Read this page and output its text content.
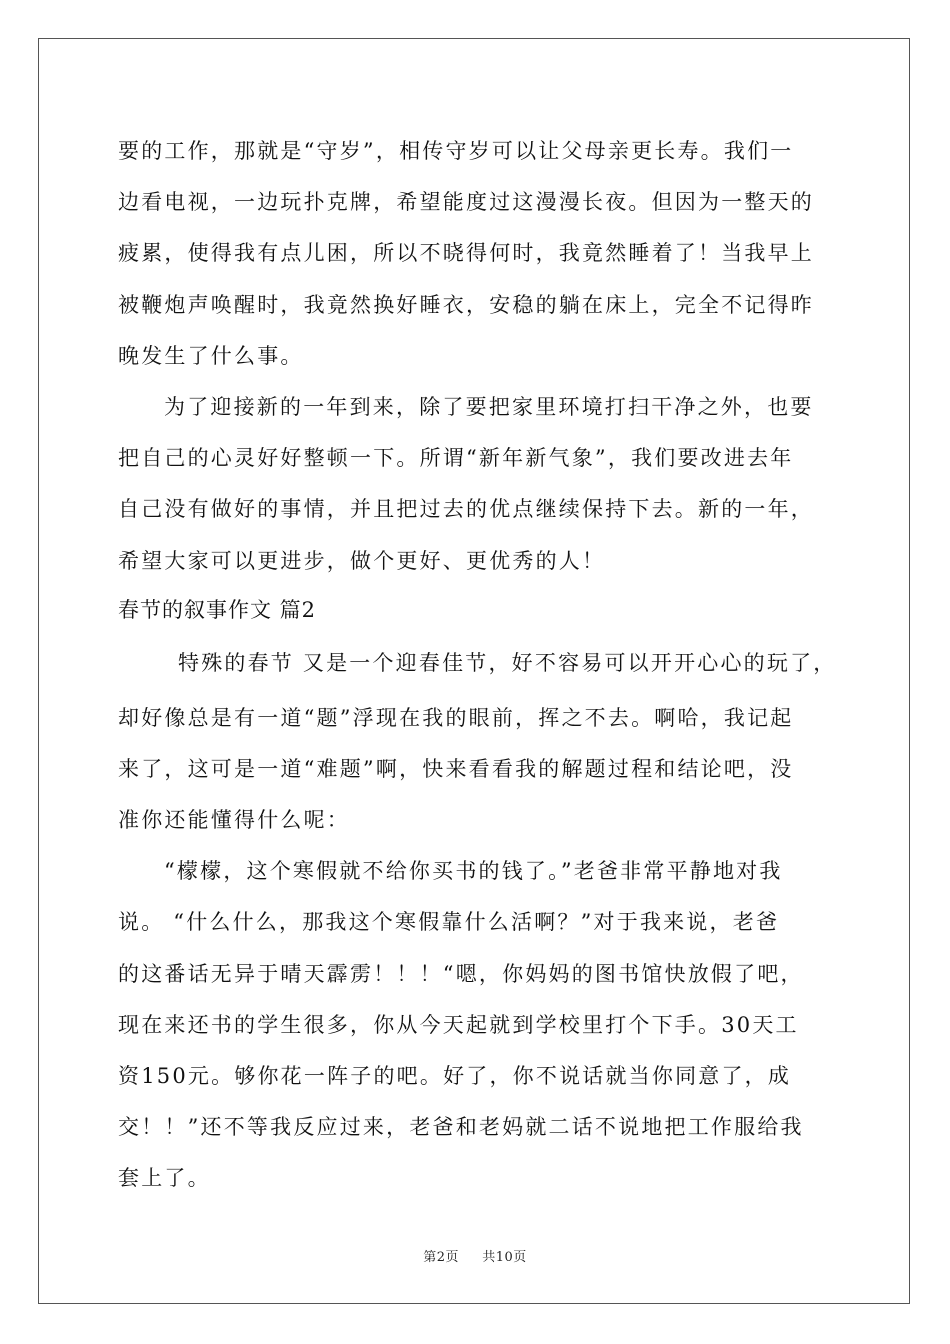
要的工作，那就是“守岁”，相传守岁可以让父母亲更长寿。我们一
边看电视，一边玩扑克牌，希望能度过这漫漫长夜。但因为一整天的
疲累，使得我有点儿困，所以不晓得何时，我竟然睡着了！当我早上
被鞭炮声唤醒时，我竟然换好睡衣，安稳的躺在床上，完全不记得昨
晚发生了什么事。
为了迎接新的一年到来，除了要把家里环境打扫干净之外，也要
把自己的心灵好好整顿一下。所谓“新年新气象”，我们要改进去年
自己没有做好的事情，并且把过去的优点继续保持下去。新的一年，
希望大家可以更进步，做个更好、更优秀的人！
春节的叙事作文 篇2
特殊的春节 又是一个迎春佳节，好不容易可以开开心心的玩了，
却好像总是有一道“题”浮现在我的眼前，挥之不去。啊哈，我记起
来了，这可是一道“难题”啊，快来看看我的解题过程和结论吧，没
准你还能懂得什么呢：
“檬檬，这个寒假就不给你买书的钱了。”老爸非常平静地对我
说。 “什么什么，那我这个寒假靠什么活啊？”对于我来说，老爸
的这番话无异于晴天霹雳！！！“嗯，你妈妈的图书馆快放假了吧，
现在来还书的学生很多，你从今天起就到学校里打个下手。30天工
资150元。够你花一阵子的吧。好了，你不说话就当你同意了，成
交！！”还不等我反应过来，老爸和老妈就二话不说地把工作服给我
套上了。
第2页 共10页
